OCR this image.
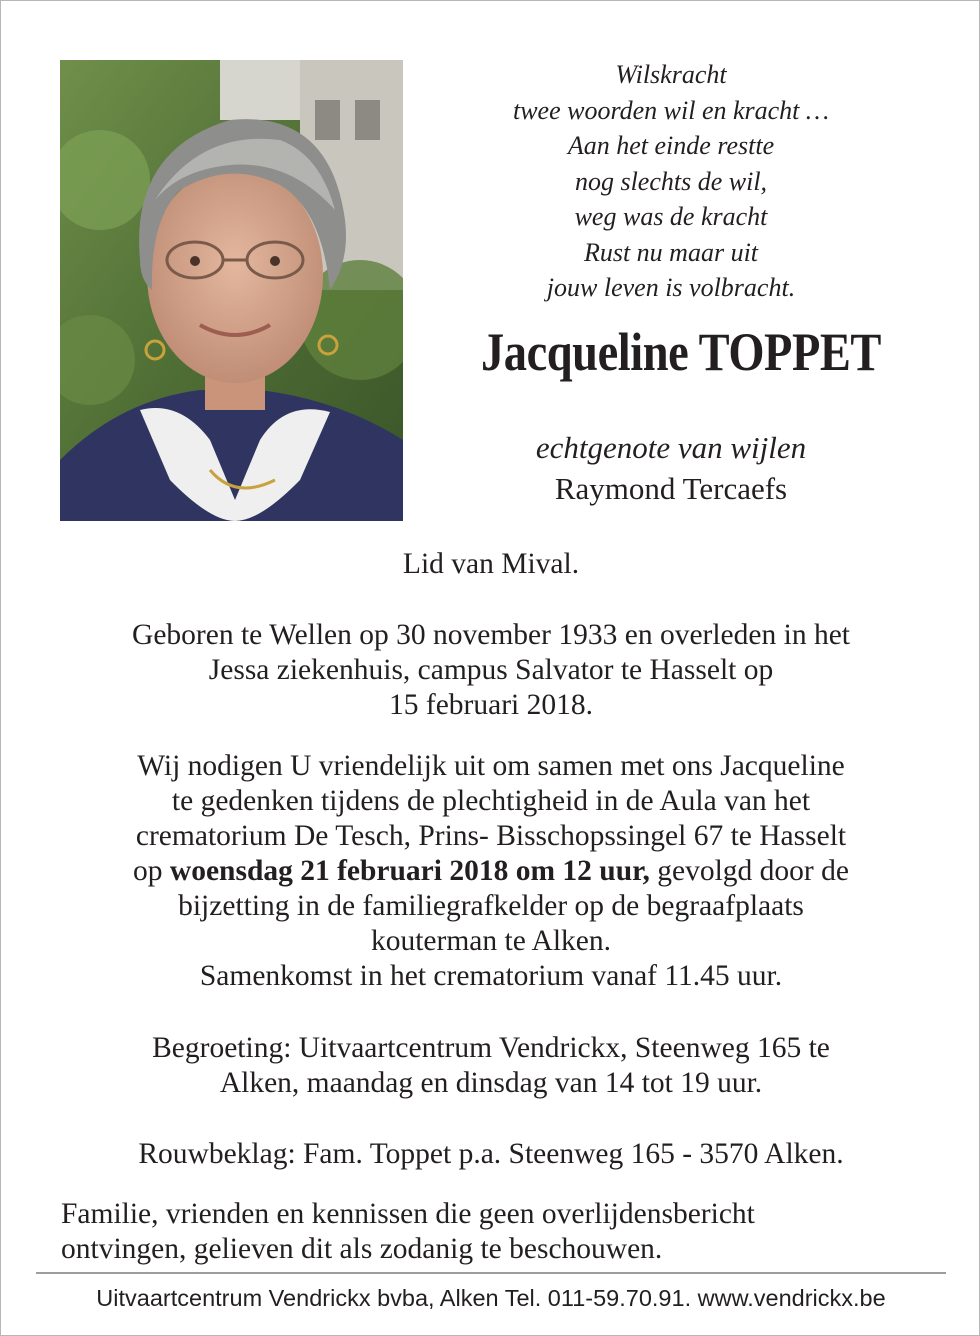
Wilskracht
twee woorden wil en kracht …
Aan het einde restte
nog slechts de wil,
weg was de kracht
Rust nu maar uit
jouw leven is volbracht.
Jacqueline TOPPET
echtgenote van wijlen
Raymond Tercaefs
Lid van Mival.
Geboren te Wellen op 30 november 1933 en overleden in het
Jessa ziekenhuis, campus Salvator te Hasselt op
15 februari 2018.
Wij nodigen U vriendelijk uit om samen met ons Jacqueline
te gedenken tijdens de plechtigheid in de Aula van het
crematorium De Tesch, Prins- Bisschopssingel 67 te Hasselt
op woensdag 21 februari 2018 om 12 uur, gevolgd door de
bijzetting in de familiegrafkelder op de begraafplaats
kouterman te Alken.
Samenkomst in het crematorium vanaf 11.45 uur.
Begroeting: Uitvaartcentrum Vendrickx, Steenweg 165 te
Alken, maandag en dinsdag van 14 tot 19 uur.
Rouwbeklag: Fam. Toppet p.a. Steenweg 165 - 3570 Alken.
Familie, vrienden en kennissen die geen overlijdensbericht
ontvingen, gelieven dit als zodanig te beschouwen.
Uitvaartcentrum Vendrickx bvba, Alken Tel. 011-59.70.91. www.vendrickx.be
